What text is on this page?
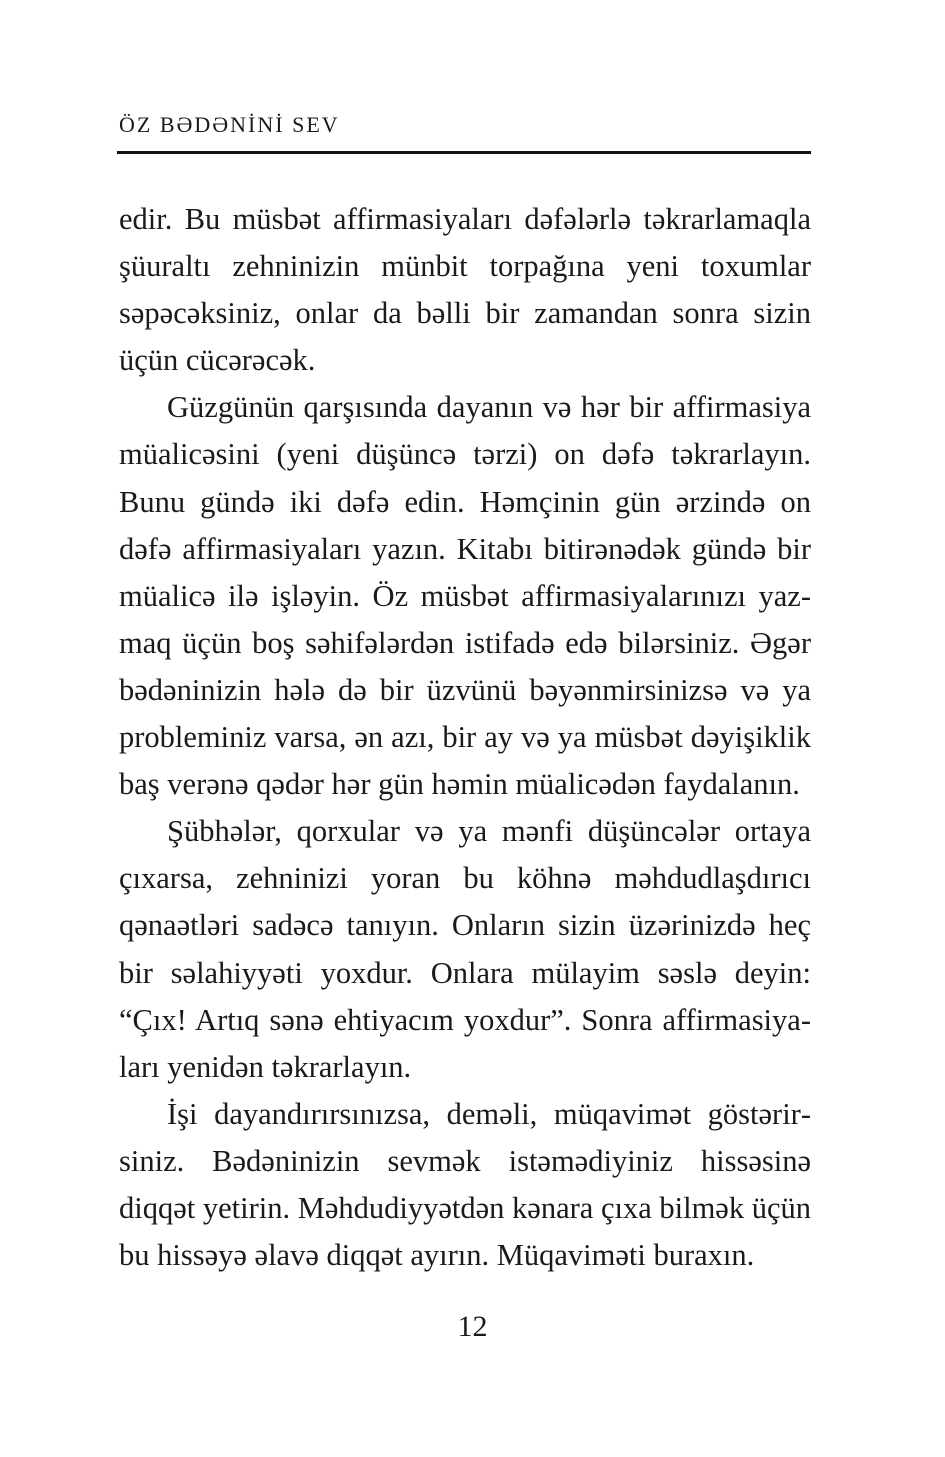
ÖZ BƏDƏNİNİ SEV

edir. Bu müsbət affirmasiyaları dəfələrlə təkrarlamaqla şüuraltı zehninizin münbit torpağına yeni toxumlar səpəcəksiniz, onlar da bəlli bir zamandan sonra sizin üçün cücərəcək.

Güzgünün qarşısında dayanın və hər bir affirmasiya müalicəsini (yeni düşüncə tərzi) on dəfə təkrarlayın. Bunu gündə iki dəfə edin. Həmçinin gün ərzində on dəfə affirmasiyaları yazın. Kitabı bitirənədək gündə bir müalicə ilə işləyin. Öz müsbət affirmasiyalarınızı yazmaq üçün boş səhifələrdən istifadə edə bilərsiniz. Əgər bədəninizin hələ də bir üzvünü bəyənmirsinizsə və ya probleminiz varsa, ən azı, bir ay və ya müsbət dəyişiklik baş verənə qədər hər gün həmin müalicədən faydalanın.

Şübhələr, qorxular və ya mənfi düşüncələr ortaya çıxarsa, zehninizi yoran bu köhnə məhdudlaşdırıcı qənaətləri sadəcə tanıyın. Onların sizin üzərinizdə heç bir səlahiyyəti yoxdur. Onlara mülayim səslə deyin: “Çıx! Artıq sənə ehtiyacım yoxdur”. Sonra affirmasiyaları yenidən təkrarlayın.

İşi dayandırırsınızsa, deməli, müqavimət göstərirsiniz. Bədəninizin sevmək istəmədiyiniz hissəsinə diqqət yetirin. Məhdudiyyətdən kənara çıxa bilmək üçün bu hissəyə əlavə diqqət ayırın. Müqaviməti buraxın.

12
